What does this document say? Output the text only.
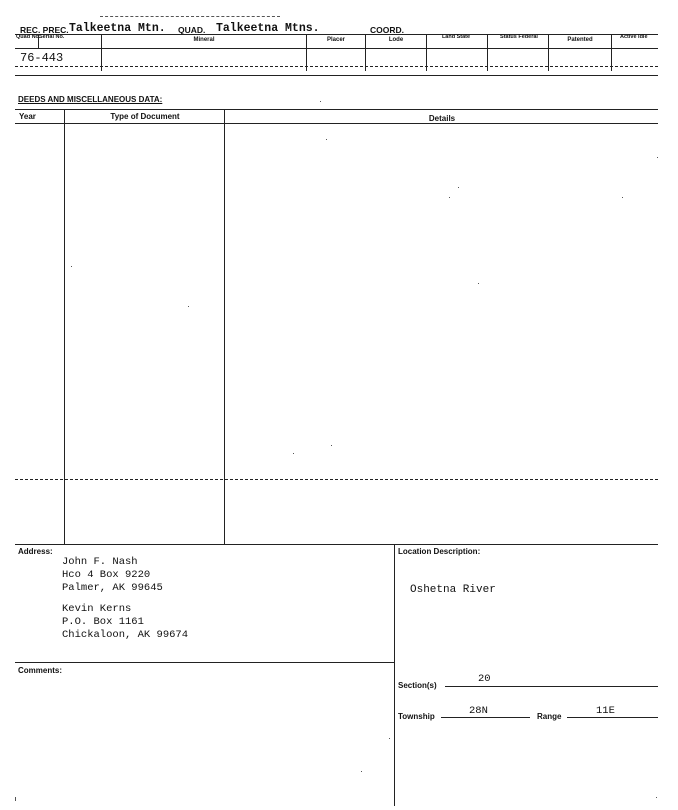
REC. PREC. Talkeetna Mtn. QUAD. Talkeetna Mtns.	COORD.
Quad No.
Serial No.	Mineral	Placer	Lode	Land State	Status Federal	Patented	Active Idle
76-443
DEEDS AND MISCELLANEOUS DATA:
Year	Type of Document	Details
Address:
John F. Nash
Hco 4 Box 9220
Palmer, AK 99645
Kevin Kerns
P.O. Box 1161
Chickaloon, AK 99674
Location Description:
Oshetna River
Comments:
Section(s)
20
Township	28N	Range	11E
